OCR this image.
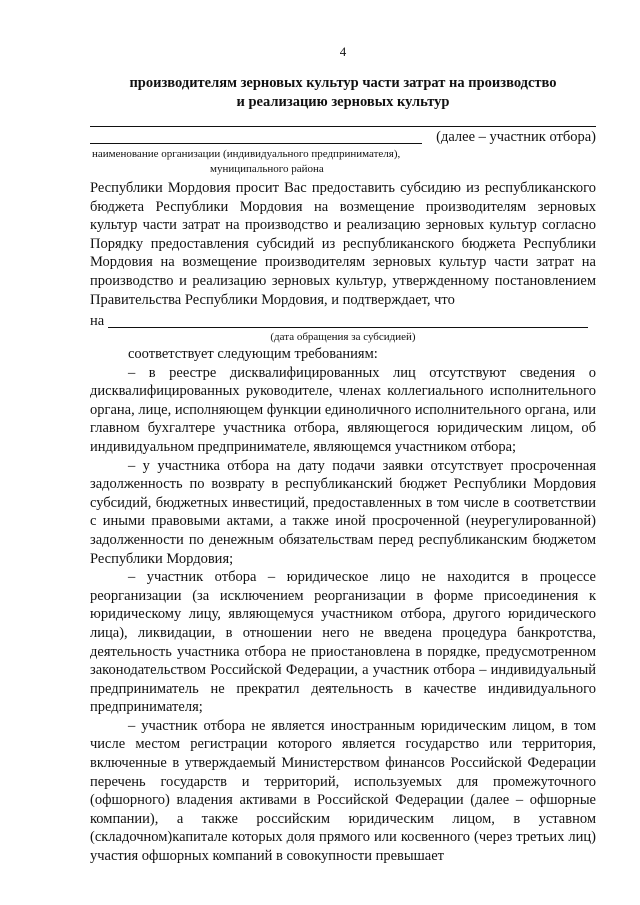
4
производителям зерновых культур части затрат на производство
и реализацию зерновых культур
(далее – участник отбора)
наименование организации (индивидуального предпринимателя),
муниципального района

Республики Мордовия просит Вас предоставить субсидию из республиканского бюджета Республики Мордовия на возмещение производителям зерновых культур части затрат на производство и реализацию зерновых культур согласно Порядку предоставления субсидий из республиканского бюджета Республики Мордовия на возмещение производителям зерновых культур части затрат на производство и реализацию зерновых культур, утвержденному постановлением Правительства Республики Мордовия, и подтверждает, что

на
(дата обращения за субсидией)

соответствует следующим требованиям:

– в реестре дисквалифицированных лиц отсутствуют сведения о дисквалифицированных руководителе, членах коллегиального исполнительного органа, лице, исполняющем функции единоличного исполнительного органа, или главном бухгалтере участника отбора, являющегося юридическим лицом, об индивидуальном предпринимателе, являющемся участником отбора;

– у участника отбора на дату подачи заявки отсутствует просроченная задолженность по возврату в республиканский бюджет Республики Мордовия субсидий, бюджетных инвестиций, предоставленных в том числе в соответствии с иными правовыми актами, а также иной просроченной (неурегулированной) задолженности по денежным обязательствам перед республиканским бюджетом Республики Мордовия;

– участник отбора – юридическое лицо не находится в процессе реорганизации (за исключением реорганизации в форме присоединения к юридическому лицу, являющемуся участником отбора, другого юридического лица), ликвидации, в отношении него не введена процедура банкротства, деятельность участника отбора не приостановлена в порядке, предусмотренном законодательством Российской Федерации, а участник отбора – индивидуальный предприниматель не прекратил деятельность в качестве индивидуального предпринимателя;

– участник отбора не является иностранным юридическим лицом, в том числе местом регистрации которого является государство или территория, включенные в утверждаемый Министерством финансов Российской Федерации перечень государств и территорий, используемых для промежуточного (офшорного) владения активами в Российской Федерации (далее – офшорные компании), а также российским юридическим лицом, в уставном (складочном)капитале которых доля прямого или косвенного (через третьих лиц) участия офшорных компаний в совокупности превышает
